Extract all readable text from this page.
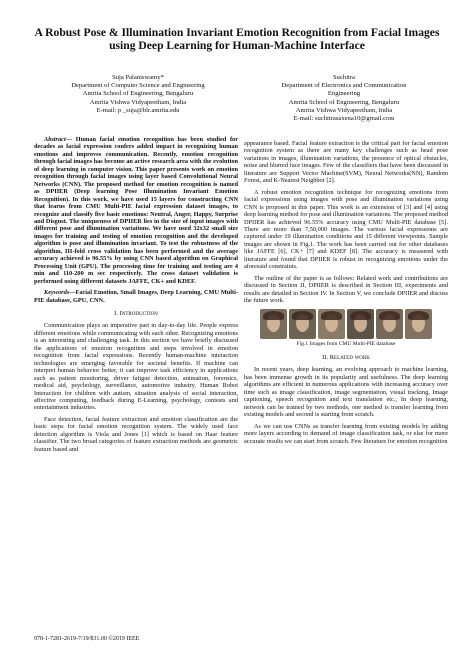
A Robust Pose & Illumination Invariant Emotion Recognition from Facial Images using Deep Learning for Human-Machine Interface
Suja Palaniswamy*
Department of Computer Science and Engineering
Amrita School of Engineering, Bengaluru
Amrita Vishwa Vidyapeetham, India
E-mail: p _suja@blr.amrita.edu
Suchitra
Department of Electronics and Communication
Engineering
Amrita School of Engineering, Bengaluru
Amrita Vishwa Vidyapeetham, India
E-mail: suchitrasaxena10@gmail.com

Abstract— Human facial emotion recognition has been studied for decades as facial expression confers added impact in recognizing human emotions and improves communication. Recently, emotion recognition through facial images has become an active research area with the evolution of deep learning in computer vision. This paper presents work on emotion recognition through facial images using layer based Convolutional Neural Networks (CNN). The proposed method for emotion recognition is named as DPIIER (Deep learning Pose Illumination Invariant Emotion Recognition). In this work, we have used 15 layers for constructing CNN that learns from CMU Multi-PIE facial expression dataset images, to recognize and classify five basic emotions: Neutral, Anger, Happy, Surprise and Disgust. The uniqueness of DPIIER lies in the size of input images with different pose and illumination variations. We have used 32x32 small size images for training and testing of emotion recognition and the developed algorithm is pose and illumination invariant. To test the robustness of the algorithm, III-fold cross validation has been performed and the average accuracy achieved is 96.55% by using CNN based algorithm on Graphical Processing Unit (GPU). The processing time for training and testing are 4 min and 110-200 m sec respectively. The cross dataset validation is performed using different datasets JAFFE, CK+ and KDEF.

Keywords—Facial Emotion, Small Images, Deep Learning, CMU Multi-PIE database, GPU, CNN.

I. Introduction

Communication plays an imperative part in day-to-day life. People express different emotions while communicating with each other. Recognizing emotions is an interesting and challenging task. In this section we have briefly discussed the applications of emotion recognition and steps involved in emotion recognition from facial expressions. Recently human-machine interaction technologies are emerging favorable for societal benefits. If machine can interpret human behavior better, it can improve task efficiency in applications such as patient monitoring, driver fatigue detection, animation, forensics, medical aid, psychology, surveillance, automotive industry, Human Robot Interaction for children with autism, situation analysis of social interaction, affective computing, feedback during E-Learning, psychology, contests and entertainment industries.

Face detection, facial feature extraction and emotion classification are the basic steps for facial emotion recognition system. The widely used face detection algorithm is Viola and Jones [1] which is based on Haar feature classifier. The two broad categories of feature extraction methods are geometric feature based and

appearance based. Facial feature extraction is the critical part for facial emotion recognition system as there are many key challenges such as head pose variations in images, illumination variations, the presence of optical obstacles, noise and blurred face images. Few of the classifiers that have been discussed in literature are Support Vector Machine(SVM), Neural Networks(NN), Random Forest, and K-Nearest Neighbor [2].

A robust emotion recognition technique for recognizing emotions from facial expressions using images with pose and illumination variations using CNN is proposed in this paper. This work is an extension of [3] and [4] using deep learning method for pose and illumination variations. The proposed method DPIIER has achieved 96.55% accuracy using CMU Multi-PIE database [5]. There are more than 7,50,000 images. The various facial expressions are captured under 19 illumination conditions and 15 different viewpoints. Sample images are shown in Fig.1. The work has been carried out for other databases like JAFFE [6], CK+ [7] and KDEF [8]. The accuracy is measured with literature and found that DPIIER is robust in recognizing emotions under the aforesaid constraints.

The outline of the paper is as follows: Related work and contributions are discussed in Section II, DPIIER is described in Section III, experiments and results are detailed in Section IV. In Section V, we conclude DPIIER and discuss the future work.

Fig.1 Images from CMU Multi-PIE database
II. Related work

In recent years, deep learning, an evolving approach to machine learning, has been immense growth in its popularity and usefulness. The deep learning algorithms are efficient in numerous applications with increasing accuracy over time such as image classification, image segmentation, visual tracking, Image captioning, speech recognition and text translation etc., In deep learning, network can be trained by two methods, one method is transfer learning from existing models and second is starting from scratch.

As we can use CNNs as transfer learning from existing models by adding more layers according to demand of image classification task, or else for more accurate results we can start from scratch. Few literature for emotion recognition

978-1-7281-2619-7/19/$31.00 ©2019 IEEE
